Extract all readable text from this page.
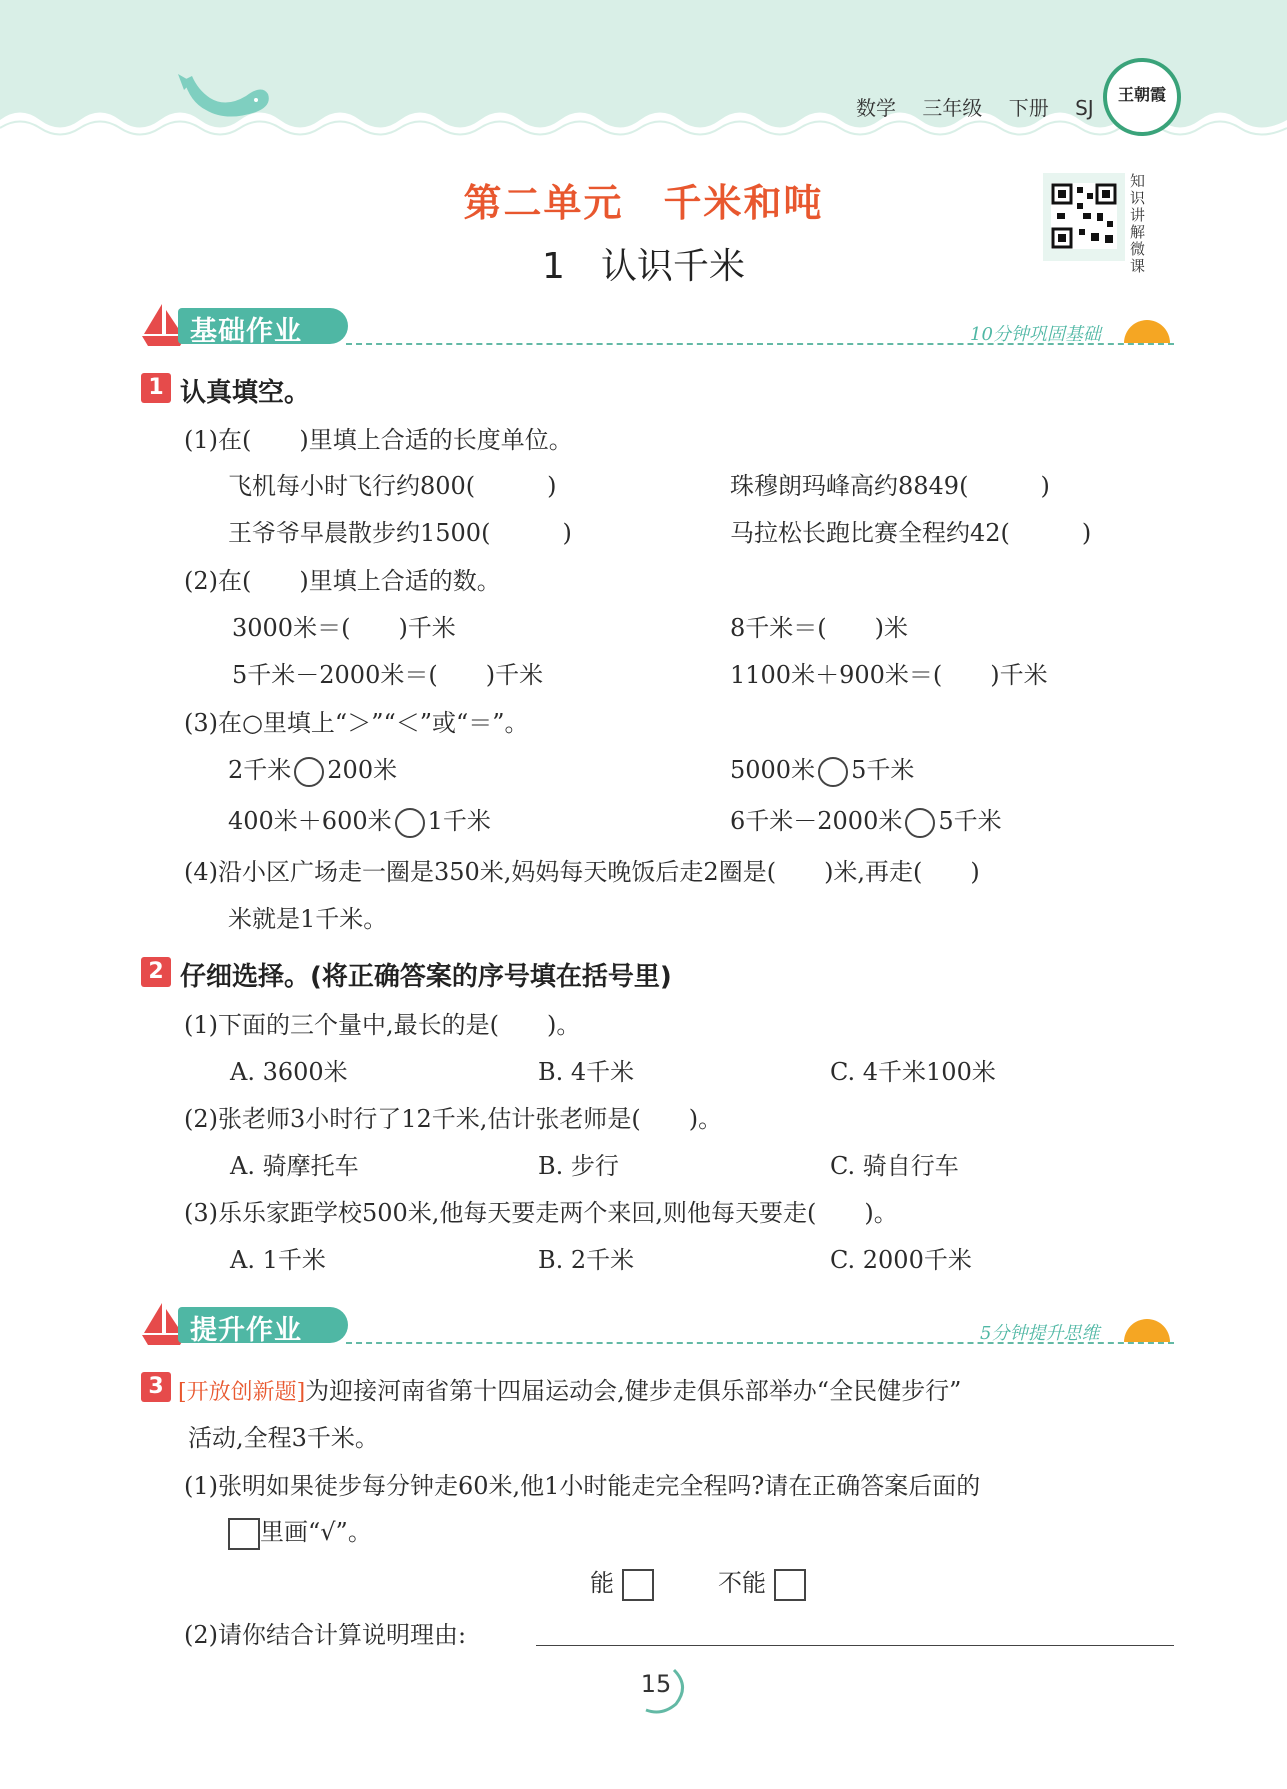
数学 三年级 下册 SJ
王朝霞
第二单元　千米和吨
1　认识千米
知识讲解微课
基础作业	10分钟巩固基础
1 认真填空。
(1)在(　　)里填上合适的长度单位。
飞机每小时飞行约800(　　　)	珠穆朗玛峰高约8849(　　　)
王爷爷早晨散步约1500(　　　)	马拉松长跑比赛全程约42(　　　)
(2)在(　　)里填上合适的数。
3000米＝(　　)千米	8千米＝(　　)米
5千米－2000米＝(　　)千米	1100米＋900米＝(　　)千米
(3)在○里填上“＞”“＜”或“＝”。
2千米 200米	5000米 5千米
400米＋600米 1千米	6千米－2000米 5千米
(4)沿小区广场走一圈是350米,妈妈每天晚饭后走2圈是(　　)米,再走(　　)
米就是1千米。
2 仔细选择。(将正确答案的序号填在括号里)
(1)下面的三个量中,最长的是(　　)。
A. 3600米	B. 4千米	C. 4千米100米
(2)张老师3小时行了12千米,估计张老师是(　　)。
A. 骑摩托车	B. 步行	C. 骑自行车
(3)乐乐家距学校500米,他每天要走两个来回,则他每天要走(　　)。
A. 1千米	B. 2千米	C. 2000千米
提升作业	5分钟提升思维
3 [开放创新题]为迎接河南省第十四届运动会,健步走俱乐部举办“全民健步行”
活动,全程3千米。
(1)张明如果徒步每分钟走60米,他1小时能走完全程吗?请在正确答案后面的
里画“√”。
能	不能
(2)请你结合计算说明理由:
15
